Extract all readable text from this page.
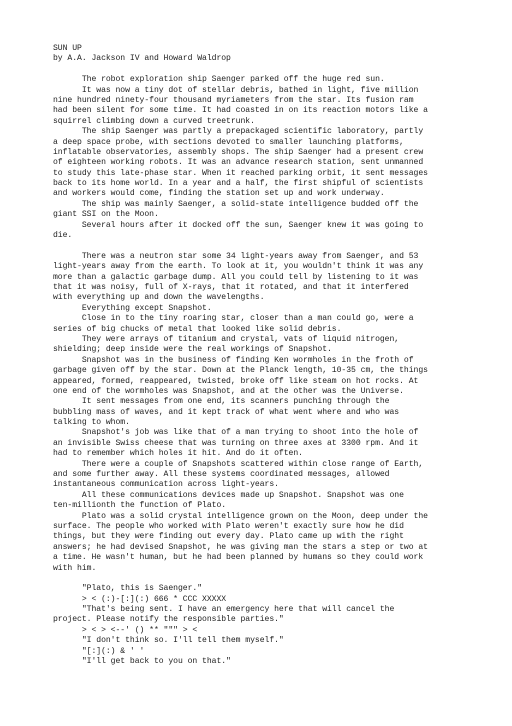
SUN UP
by A.A. Jackson IV and Howard Waldrop
The robot exploration ship Saenger parked off the huge red sun.
It was now a tiny dot of stellar debris, bathed in light, five million
nine hundred ninety-four thousand myriameters from the star. Its fusion ram
had been silent for some time. It had coasted in on its reaction motors like a
squirrel climbing down a curved treetrunk.
The ship Saenger was partly a prepackaged scientific laboratory, partly
a deep space probe, with sections devoted to smaller launching platforms,
inflatable observatories, assembly shops. The ship Saenger had a present crew
of eighteen working robots. It was an advance research station, sent unmanned
to study this late-phase star. When it reached parking orbit, it sent messages
back to its home world. In a year and a half, the first shipful of scientists
and workers would come, finding the station set up and work underway.
The ship was mainly Saenger, a solid-state intelligence budded off the
giant SSI on the Moon.
Several hours after it docked off the sun, Saenger knew it was going to
die.
There was a neutron star some 34 light-years away from Saenger, and 53
light-years away from the earth. To look at it, you wouldn't think it was any
more than a galactic garbage dump. All you could tell by listening to it was
that it was noisy, full of X-rays, that it rotated, and that it interfered
with everything up and down the wavelengths.
Everything except Snapshot.
Close in to the tiny roaring star, closer than a man could go, were a
series of big chucks of metal that looked like solid debris.
They were arrays of titanium and crystal, vats of liquid nitrogen,
shielding; deep inside were the real workings of Snapshot.
Snapshot was in the business of finding Ken wormholes in the froth of
garbage given off by the star. Down at the Planck length, 10-35 cm, the things
appeared, formed, reappeared, twisted, broke off like steam on hot rocks. At
one end of the wormholes was Snapshot, and at the other was the Universe.
It sent messages from one end, its scanners punching through the
bubbling mass of waves, and it kept track of what went where and who was
talking to whom.
Snapshot's job was like that of a man trying to shoot into the hole of
an invisible Swiss cheese that was turning on three axes at 3300 rpm. And it
had to remember which holes it hit. And do it often.
There were a couple of Snapshots scattered within close range of Earth,
and some further away. All these systems coordinated messages, allowed
instantaneous communication across light-years.
All these communications devices made up Snapshot. Snapshot was one
ten-millionth the function of Plato.
Plato was a solid crystal intelligence grown on the Moon, deep under the
surface. The people who worked with Plato weren't exactly sure how he did
things, but they were finding out every day. Plato came up with the right
answers; he had devised Snapshot, he was giving man the stars a step or two at
a time. He wasn't human, but he had been planned by humans so they could work
with him.
"Plato, this is Saenger."
> < (:)-[:](:) 666 * CCC XXXXX
"That's being sent. I have an emergency here that will cancel the
project. Please notify the responsible parties."
> < > <--' () ** """ > <
"I don't think so. I'll tell them myself."
"[:](:) & ' '
"I'll get back to you on that."
